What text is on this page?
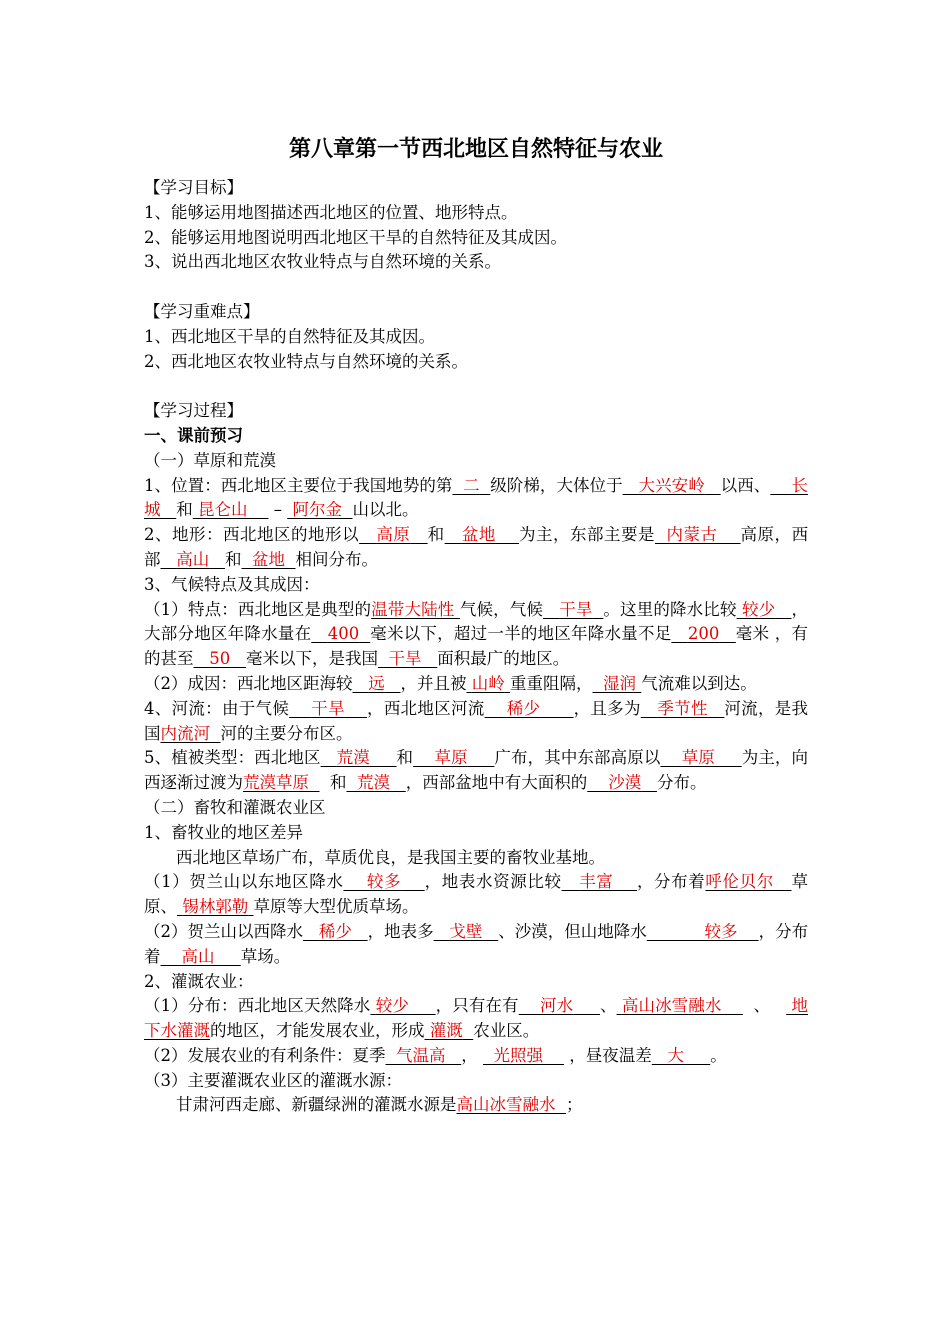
第八章第一节西北地区自然特征与农业
【学习目标】
1、能够运用地图描述西北地区的位置、地形特点。
2、能够运用地图说明西北地区干旱的自然特征及其成因。
3、说出西北地区农牧业特点与自然环境的关系。
【学习重难点】
1、西北地区干旱的自然特征及其成因。
2、西北地区农牧业特点与自然环境的关系。
【学习过程】
一、课前预习
（一）草原和荒漠
1、位置：西北地区主要位于我国地势的第 二 级阶梯，大体位于 大兴安岭 以西、 长城 和 昆仑山 – 阿尔金 山以北。
2、地形：西北地区的地形以 高原 和 盆地 为主，东部主要是 内蒙古 高原，西部 高山 和 盆地 相间分布。
3、气候特点及其成因：
（1）特点：西北地区是典型的温带大陆性 气候，气候 干旱 。这里的降水比较 较少 ，大部分地区年降水量在 400 毫米以下，超过一半的地区年降水量不足 200 毫米 ，有的甚至 50 毫米以下，是我国 干旱 面积最广的地区。
（2）成因：西北地区距海较 远 ，并且被 山岭 重重阻隔， 湿润 气流难以到达。
4、河流：由于气候 干旱 ，西北地区河流 稀少 ，且多为 季节性 河流，是我国内流河 河的主要分布区。
5、植被类型：西北地区 荒漠 和 草原 广布，其中东部高原以 草原 为主，向西逐渐过渡为荒漠草原 和 荒漠 ，西部盆地中有大面积的 沙漠 分布。
（二）畜牧和灌溉农业区
1、畜牧业的地区差异
西北地区草场广布，草质优良，是我国主要的畜牧业基地。
（1）贺兰山以东地区降水 较多 ，地表水资源比较 丰富 ，分布着呼伦贝尔 草原、 锡林郭勒 草原等大型优质草场。
（2）贺兰山以西降水 稀少 ，地表多 戈壁 、沙漠，但山地降水	较多 ，分布着 高山 草场。
2、灌溉农业：
（1）分布：西北地区天然降水 较少 ，只有在有 河水 、 高山冰雪融水 、 地下水灌溉的地区，才能发展农业，形成 灌溉 农业区。
（2）发展农业的有利条件：夏季 气温高 ， 光照强 ，昼夜温差 大 。
（3）主要灌溉农业区的灌溉水源：
甘肃河西走廊、新疆绿洲的灌溉水源是高山冰雪融水 ；
